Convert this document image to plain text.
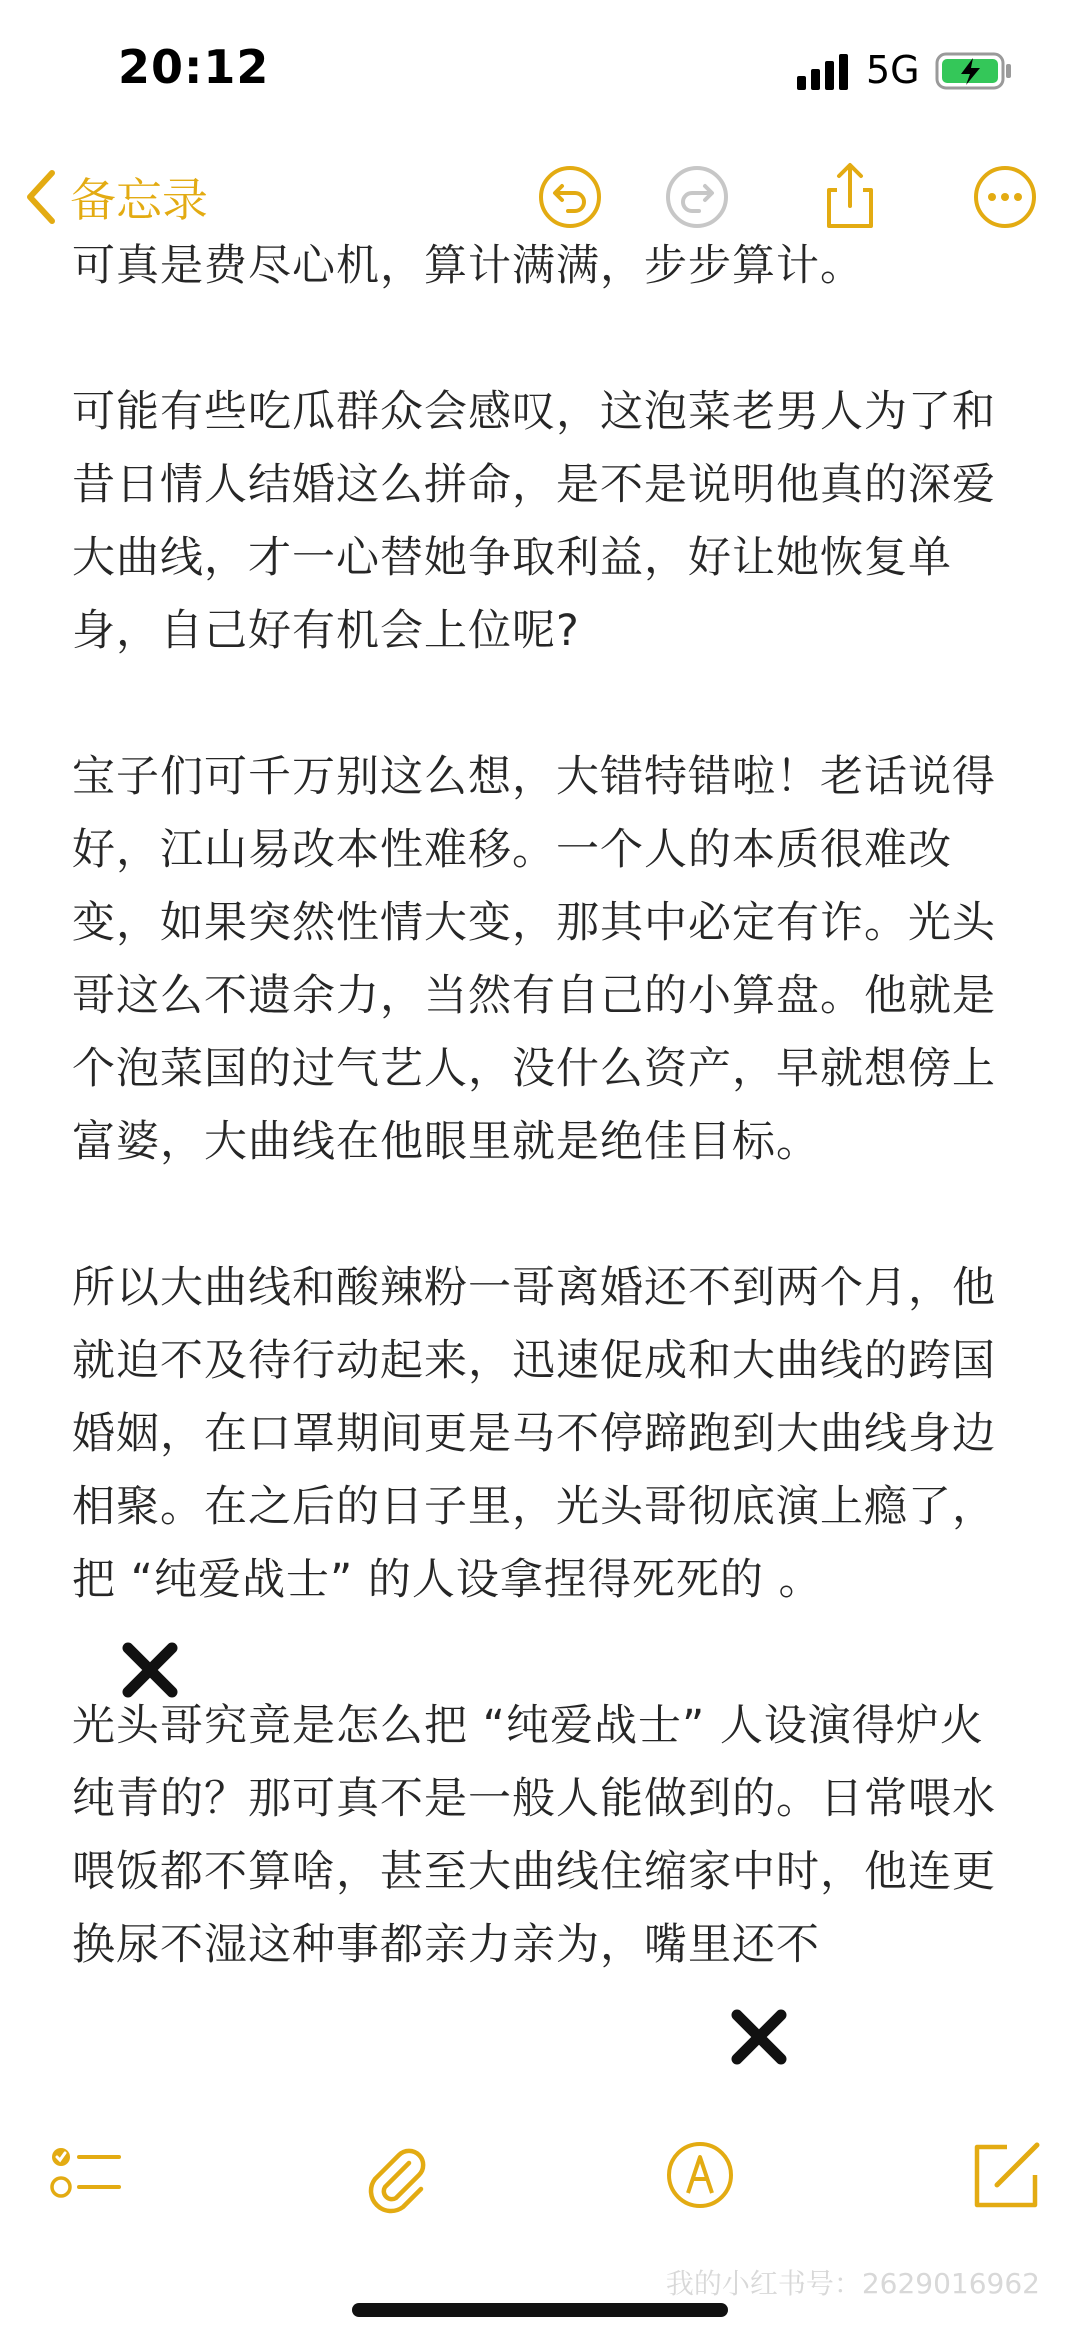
20:12	5G
备忘录

可真是费尽心机，算计满满，步步算计。

可能有些吃瓜群众会感叹，这泡菜老男人为了和昔日情人结婚这么拼命，是不是说明他真的深爱大曲线，才一心替她争取利益，好让她恢复单身，自己好有机会上位呢?

宝子们可千万别这么想，大错特错啦！老话说得好，江山易改本性难移。一个人的本质很难改变，如果突然性情大变，那其中必定有诈。光头哥这么不遗余力，当然有自己的小算盘。他就是个泡菜国的过气艺人，没什么资产，早就想傍上富婆，大曲线在他眼里就是绝佳目标。

所以大曲线和酸辣粉一哥离婚还不到两个月，他就迫不及待行动起来，迅速促成和大曲线的跨国婚姻，在口罩期间更是马不停蹄跑到大曲线身边相聚。在之后的日子里，光头哥彻底演上瘾了，把 “纯爱战士” 的人设拿捏得死死的 。

光头哥究竟是怎么把 “纯爱战士” 人设演得炉火纯青的？那可真不是一般人能做到的。日常喂水喂饭都不算啥，甚至大曲线住缩家中时，他连更换尿不湿这种事都亲力亲为，嘴里还不

我的小红书号：2629016962
